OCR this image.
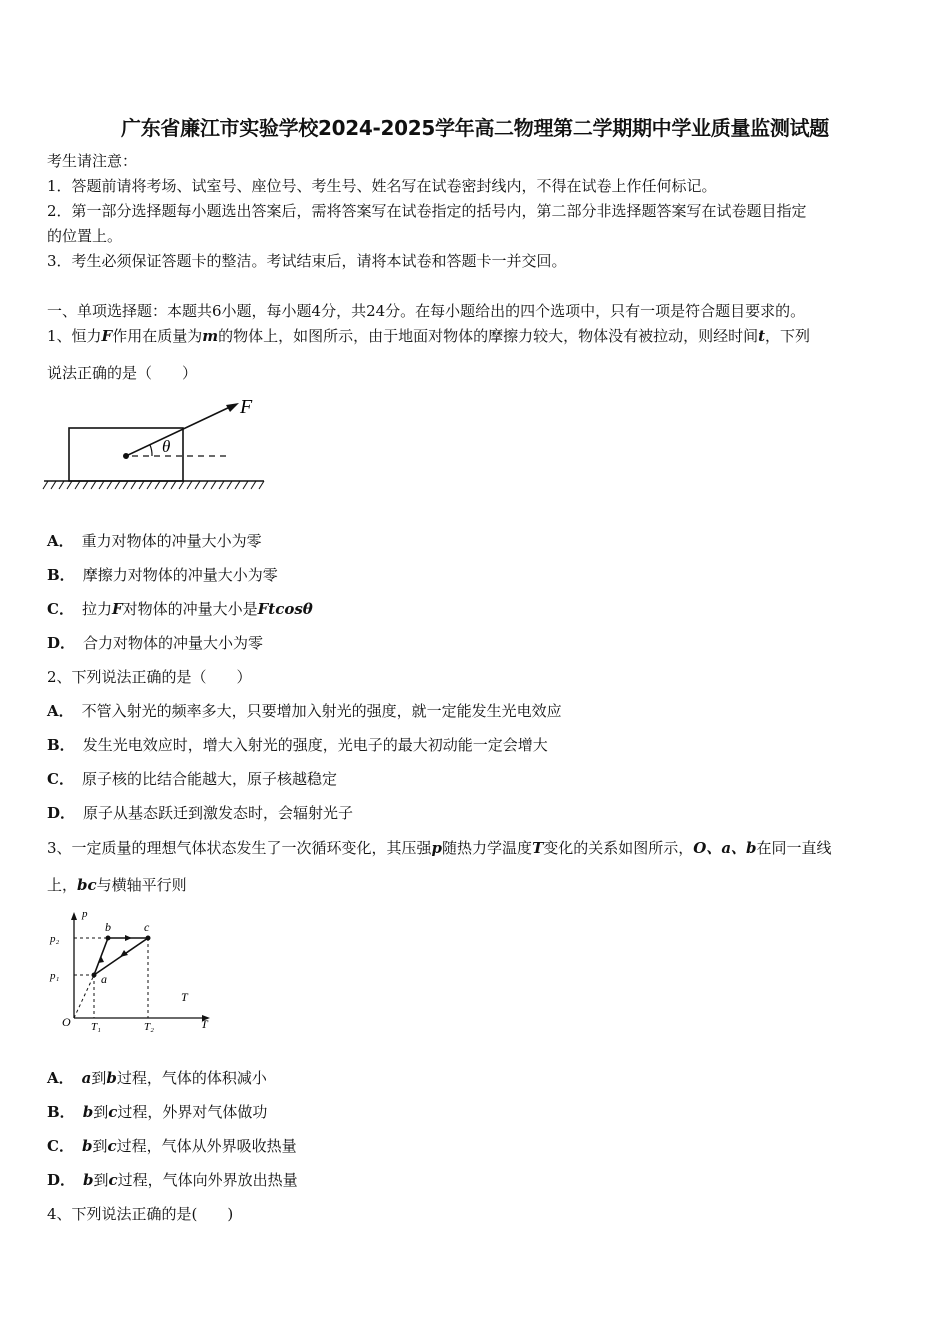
广东省廉江市实验学校2024-2025学年高二物理第二学期期中学业质量监测试题
考生请注意：
1．答题前请将考场、试室号、座位号、考生号、姓名写在试卷密封线内，不得在试卷上作任何标记。
2．第一部分选择题每小题选出答案后，需将答案写在试卷指定的括号内，第二部分非选择题答案写在试卷题目指定
的位置上。
3．考生必须保证答题卡的整洁。考试结束后，请将本试卷和答题卡一并交回。
一、单项选择题：本题共6小题，每小题4分，共24分。在每小题给出的四个选项中，只有一项是符合题目要求的。
1、恒力F作用在质量为m的物体上，如图所示，由于地面对物体的摩擦力较大，物体没有被拉动，则经时间t，下列
说法正确的是（　　）
F
θ
A． 重力对物体的冲量大小为零
B． 摩擦力对物体的冲量大小为零
C． 拉力F对物体的冲量大小是Ftcosθ
D． 合力对物体的冲量大小为零
2、下列说法正确的是（　　）
A． 不管入射光的频率多大，只要增加入射光的强度，就一定能发生光电效应
B． 发生光电效应时，增大入射光的强度，光电子的最大初动能一定会增大
C． 原子核的比结合能越大，原子核越稳定
D． 原子从基态跃迁到激发态时，会辐射光子
3、一定质量的理想气体状态发生了一次循环变化，其压强p随热力学温度T变化的关系如图所示，O、a、b在同一直线
上，bc与横轴平行则
p
T
T
p₂
p₁
O T₁	T₂
a
b	c
A． a到b过程，气体的体积减小
B． b到c过程，外界对气体做功
C． b到c过程，气体从外界吸收热量
D． b到c过程，气体向外界放出热量
4、下列说法正确的是(　　)
